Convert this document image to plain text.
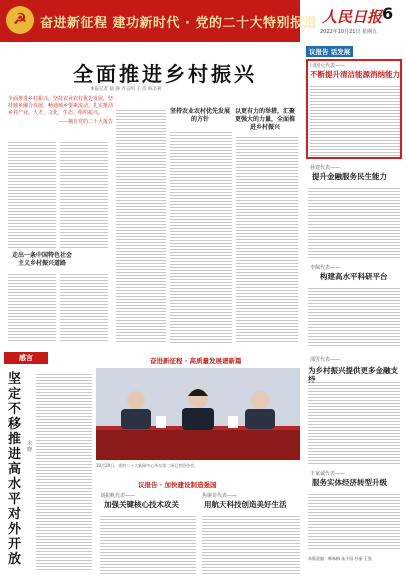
☭ 奋进新征程 建功新时代 · 党的二十大特别报道 人民日报 6
2022年10月21日 星期五
全面推进乡村振兴
本报记者 郁 静 齐志明 王 浩 陈圣莉
全面推进乡村振兴，坚持农业农村优先发展，坚持城乡融合发展，畅通城乡要素流动。扎实推动乡村产业、人才、文化、生态、组织振兴。
——摘自党的二十大报告
坚持农业农村优先发展的方针
以更有力的举措，汇聚更强大的力量，全面推进乡村振兴
走出一条中国特色社会主义乡村振兴道路
奋进新征程 · 高质量发展谱新篇
感言
坚定不移推进高水平对外开放
余 晓
10月20日，党的二十大新闻中心举办第二场记者招待会。
议报告 · 加快建设制造强国
刘振帆代表——
加强关键核心技术攻关
焦娅菲代表——
用航天科技创造美好生活
议报告 话发展
闫国元代表——
不断提升清洁能源消纳能力
孙建代表——
提升金融服务民生能力
李佩代表——
构建高水平科研平台
邵雪代表——
为乡村振兴提供更多金融支
王家诚代表——
服务实体经济转型升级
本版责编：韩咏梅 朱少园 杜丽 王凯
